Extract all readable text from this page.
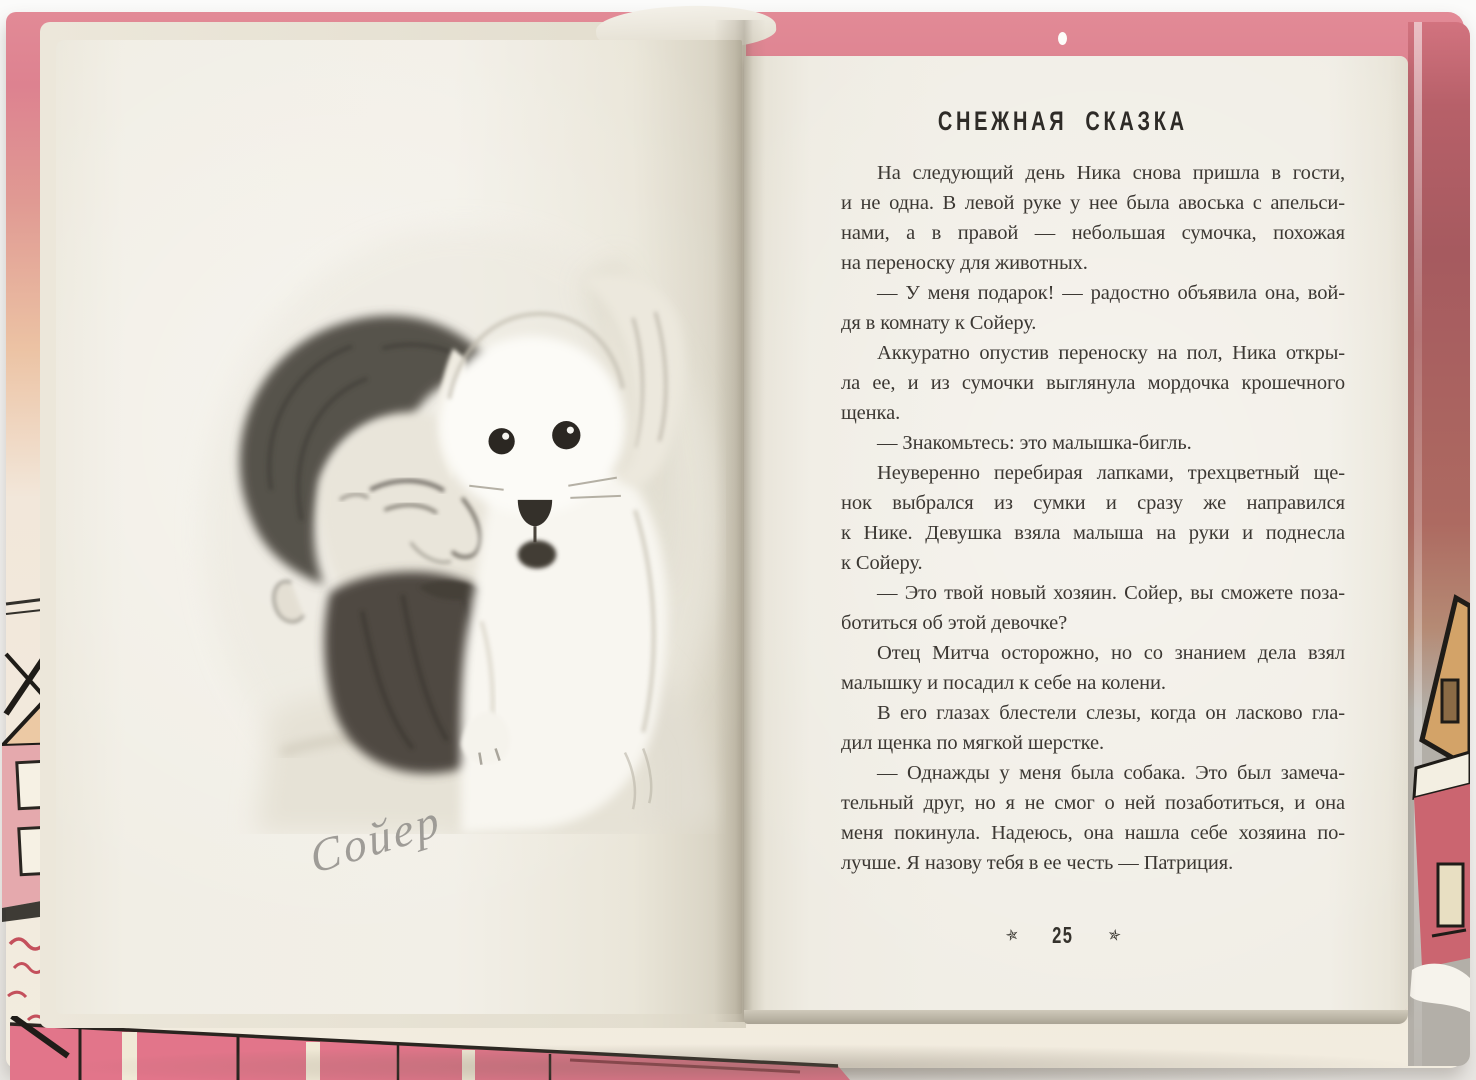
Сойер
СНЕЖНАЯ СКАЗКА
На следующий день Ника снова пришла в гости,
и не одна. В левой руке у нее была авоська с апельси-
нами, а в правой — небольшая сумочка, похожая
на переноску для животных.
— У меня подарок! — радостно объявила она, вой-
дя в комнату к Сойеру.
Аккуратно опустив переноску на пол, Ника откры-
ла ее, и из сумочки выглянула мордочка крошечного
щенка.
— Знакомьтесь: это малышка-бигль.
Неуверенно перебирая лапками, трехцветный ще-
нок выбрался из сумки и сразу же направился
к Нике. Девушка взяла малыша на руки и поднесла
к Сойеру.
— Это твой новый хозяин. Сойер, вы сможете поза-
ботиться об этой девочке?
Отец Митча осторожно, но со знанием дела взял
малышку и посадил к себе на колени.
В его глазах блестели слезы, когда он ласково гла-
дил щенка по мягкой шерстке.
— Однажды у меня была собака. Это был замеча-
тельный друг, но я не смог о ней позаботиться, и она
меня покинула. Надеюсь, она нашла себе хозяина по-
лучше. Я назову тебя в ее честь — Патриция.
✯ 25 ✯
